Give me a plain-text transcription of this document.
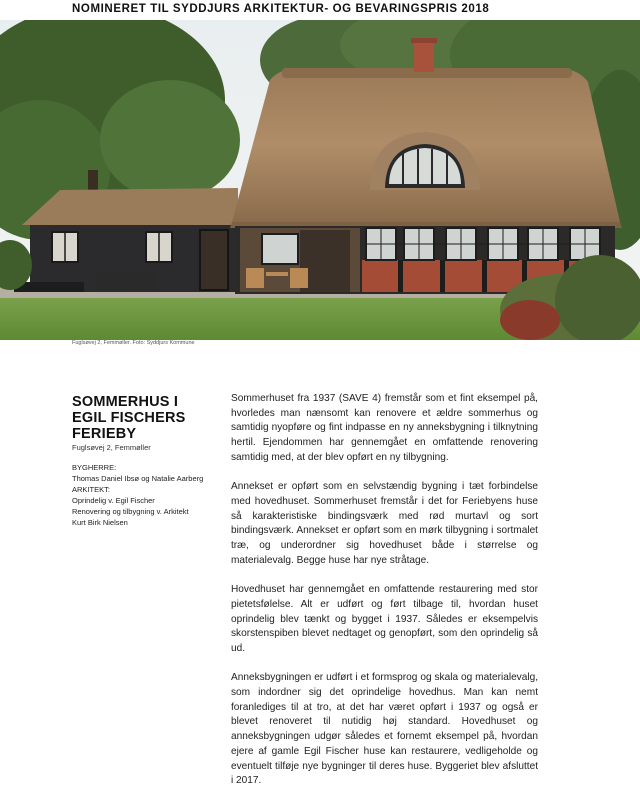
NOMINERET TIL SYDDJURS ARKITEKTUR- OG BEVARINGSPRIS 2018
Fuglsøvej 2, Femmøller. Foto: Syddjurs Kommune
SOMMERHUS I
EGIL FISCHERS
FERIEBY
Fuglsøvej 2, Femmøller
BYGHERRE:
Thomas Daniel Ibsø og Natalie Aarberg
ARKITEKT:
Oprindelig v. Egil Fischer
Renovering og tilbygning v. Arkitekt
Kurt Birk Nielsen

Sommerhuset fra 1937 (SAVE 4) fremstår som et fint eksempel på, hvorledes man nænsomt kan renovere et ældre sommerhus og samtidig nyopføre og fint indpasse en ny anneksbygning i tilknytning hertil. Ejendommen har gennemgået en omfattende renovering samtidig med, at der blev opført en ny tilbygning.

Annekset er opført som en selvstændig bygning i tæt forbindelse med hovedhuset. Sommerhuset fremstår i det for Feriebyens huse så karakteristiske bindingsværk med rød murtavl og sort bindingsværk. Annekset er opført som en mørk tilbygning i sortmalet træ, og underordner sig hovedhuset både i størrelse og materialevalg. Begge huse har nye stråtage.

Hovedhuset har gennemgået en omfattende restaurering med stor pietetsfølelse. Alt er udført og ført tilbage til, hvordan huset oprindelig blev tænkt og bygget i 1937. Således er eksempelvis skorstenspiben blevet nedtaget og genopført, som den oprindelig så ud.

Anneksbygningen er udført i et formsprog og skala og materialevalg, som indordner sig det oprindelige hovedhus. Man kan nemt foranlediges til at tro, at det har været opført i 1937 og også er blevet renoveret til nutidig høj standard. Hovedhuset og anneksbygningen udgør således et fornemt eksempel på, hvordan ejere af gamle Egil Fischer huse kan restaurere, vedligeholde og eventuelt tilføje nye bygninger til deres huse. Byggeriet blev afsluttet i 2017.
